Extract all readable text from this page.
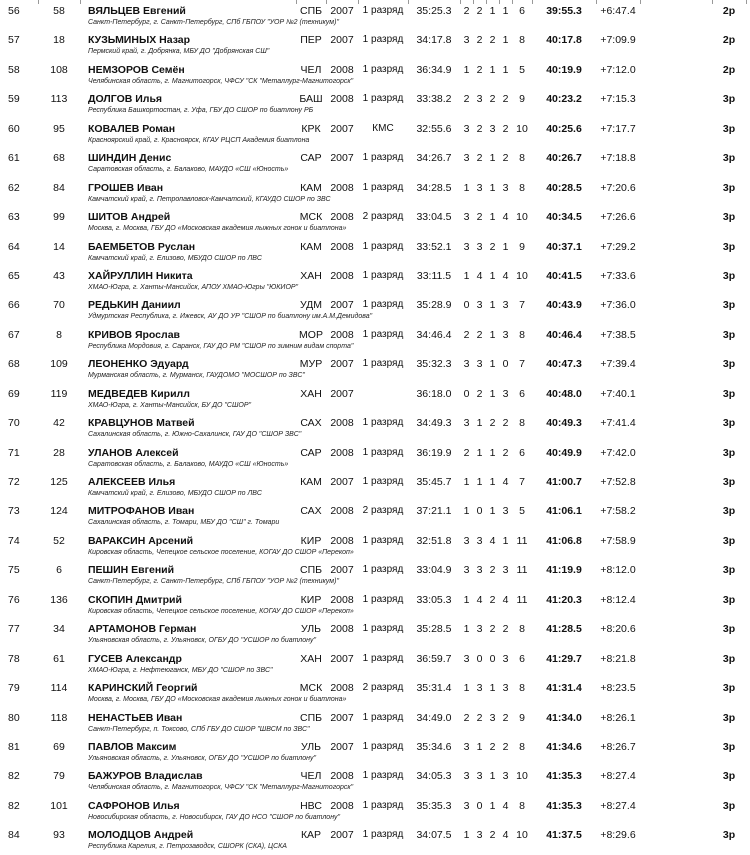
56	58	ВЯЛЬЦЕВ Евгений
Санкт-Петербург, г. Санкт-Петербург, СПб ГБПОУ "УОР №2 (техникум)"
СПБ 2007 1 разряд	35:25.3	2 2 1 1	6	39:55.3	+6:47.4	2р
57	18	КУЗЬМИНЫХ Назар
Пермский край, г. Добрянка, МБУ ДО "Добрянская СШ"
ПЕР 2007 1 разряд	34:17.8	3 2 2 1	8	40:17.8	+7:09.9	2р
58	108	НЕМЗОРОВ Семён
Челябинская область, г. Магнитогорск, ЧФСУ "СК "Металлург-Магнитогорск"
ЧЕЛ 2008 1 разряд	36:34.9	1 2 1 1	5	40:19.9	+7:12.0	2р
59	113	ДОЛГОВ Илья
Республика Башкортостан, г. Уфа, ГБУ ДО СШОР по биатлону РБ
БАШ 2008 1 разряд	33:38.2	2 3 2 2	9	40:23.2	+7:15.3	3р
60	95	КОВАЛЕВ Роман
Красноярский край, г. Красноярск, КГАУ РЦСП Академия биатлона
КРК 2007	КМС	32:55.6	3 2 3 2 10	40:25.6	+7:17.7	3р
61	68	ШИНДИН Денис
Саратовская область, г. Балаково, МАУДО «СШ «Юность»
САР 2007 1 разряд	34:26.7	3 2 1 2	8	40:26.7	+7:18.8	3р
62	84	ГРОШЕВ Иван
Камчатский край, г. Петропавловск-Камчатский, КГАУДО СШОР по ЗВС
КАМ 2008 1 разряд	34:28.5	1 3 1 3	8	40:28.5	+7:20.6	3р
63	99	ШИТОВ Андрей
Москва, г. Москва, ГБУ ДО «Московская академия лыжных гонок и биатлона»
МСК 2008 2 разряд	33:04.5	3 2 1 4 10	40:34.5	+7:26.6	3р
64	14	БАЕМБЕТОВ Руслан
Камчатский край, г. Елизово, МБУДО СШОР по ЛВС
КАМ 2008 1 разряд	33:52.1	3 3 2 1	9	40:37.1	+7:29.2	3р
65	43	ХАЙРУЛЛИН Никита
ХМАО-Югра, г. Ханты-Мансийск, АПОУ ХМАО-Югры "ЮКИОР"
ХАН 2008 1 разряд	33:11.5	1 4 1 4 10	40:41.5	+7:33.6	3р
66	70	РЕДЬКИН Даниил
Удмуртская Республика, г. Ижевск, АУ ДО УР "СШОР по биатлону им.А.М.Демидова"
УДМ 2007 1 разряд	35:28.9	0 3 1 3	7	40:43.9	+7:36.0	3р
67	8	КРИВОВ Ярослав
Республика Мордовия, г. Саранск, ГАУ ДО РМ "СШОР по зимним видам спорта"
МОР 2008 1 разряд	34:46.4	2 2 1 3	8	40:46.4	+7:38.5	3р
68	109	ЛЕОНЕНКО Эдуард
Мурманская область, г. Мурманск, ГАУДОМО "МОСШОР по ЗВС"
МУР 2007 1 разряд	35:32.3	3 3 1 0	7	40:47.3	+7:39.4	3р
69	119	МЕДВЕДЕВ Кирилл
ХМАО-Югра, г. Ханты-Мансийск, БУ ДО "СШОР"
ХАН 2007	36:18.0	0 2 1 3	6	40:48.0	+7:40.1	3р
70	42	КРАВЦУНОВ Матвей
Сахалинская область, г. Южно-Сахалинск, ГАУ ДО "СШОР ЗВС"
САХ 2008 1 разряд	34:49.3	3 1 2 2	8	40:49.3	+7:41.4	3р
71	28	УЛАНОВ Алексей
Саратовская область, г. Балаково, МАУДО «СШ «Юность»
САР 2008 1 разряд	36:19.9	2 1 1 2	6	40:49.9	+7:42.0	3р
72	125	АЛЕКСЕЕВ Илья
Камчатский край, г. Елизово, МБУДО СШОР по ЛВС
КАМ 2007 1 разряд	35:45.7	1 1 1 4	7	41:00.7	+7:52.8	3р
73	124	МИТРОФАНОВ Иван
Сахалинская область, г. Томари, МБУ ДО "СШ" г. Томари
САХ 2008 2 разряд	37:21.1	1 0 1 3	5	41:06.1	+7:58.2	3р
74	52	ВАРАКСИН Арсений
Кировская область, Чепецкое сельское поселение, КОГАУ ДО СШОР «Перекоп»
КИР 2008 1 разряд	32:51.8	3 3 4 1 11	41:06.8	+7:58.9	3р
75	6	ПЕШИН Евгений
Санкт-Петербург, г. Санкт-Петербург, СПб ГБПОУ "УОР №2 (техникум)"
СПБ 2007 1 разряд	33:04.9	3 3 2 3 11	41:19.9	+8:12.0	3р
76	136	СКОПИН Дмитрий
Кировская область, Чепецкое сельское поселение, КОГАУ ДО СШОР «Перекоп»
КИР 2008 1 разряд	33:05.3	1 4 2 4 11	41:20.3	+8:12.4	3р
77	34	АРТАМОНОВ Герман
Ульяновская область, г. Ульяновск, ОГБУ ДО "УСШОР по биатлону"
УЛЬ 2008 1 разряд	35:28.5	1 3 2 2	8	41:28.5	+8:20.6	3р
78	61	ГУСЕВ Александр
ХМАО-Югра, г. Нефтеюганск, МБУ ДО "СШОР по ЗВС"
ХАН 2007 1 разряд	36:59.7	3 0 0 3	6	41:29.7	+8:21.8	3р
79	114	КАРИНСКИЙ Георгий
Москва, г. Москва, ГБУ ДО «Московская академия лыжных гонок и биатлона»
МСК 2008 2 разряд	35:31.4	1 3 1 3	8	41:31.4	+8:23.5	3р
80	118	НЕНАСТЬЕВ Иван
Санкт-Петербург, п. Токсово, СПб ГБУ ДО СШОР "ШВСМ по ЗВС"
СПБ 2007 1 разряд	34:49.0	2 2 3 2	9	41:34.0	+8:26.1	3р
81	69	ПАВЛОВ Максим
Ульяновская область, г. Ульяновск, ОГБУ ДО "УСШОР по биатлону"
УЛЬ 2007 1 разряд	35:34.6	3 1 2 2	8	41:34.6	+8:26.7	3р
82	79	БАЖУРОВ Владислав
Челябинская область, г. Магнитогорск, ЧФСУ "СК "Металлург-Магнитогорск"
ЧЕЛ 2008 1 разряд	34:05.3	3 3 1 3 10	41:35.3	+8:27.4	3р
82	101	САФРОНОВ Илья
Новосибирская область, г. Новосибирск, ГАУ ДО НСО "СШОР по биатлону"
НВС 2008 1 разряд	35:35.3	3 0 1 4	8	41:35.3	+8:27.4	3р
84	93	МОЛОДЦОВ Андрей
Республика Карелия, г. Петрозаводск, СШОРК (СКА), ЦСКА
КАР 2007 1 разряд	34:07.5	1 3 2 4 10	41:37.5	+8:29.6	3р
